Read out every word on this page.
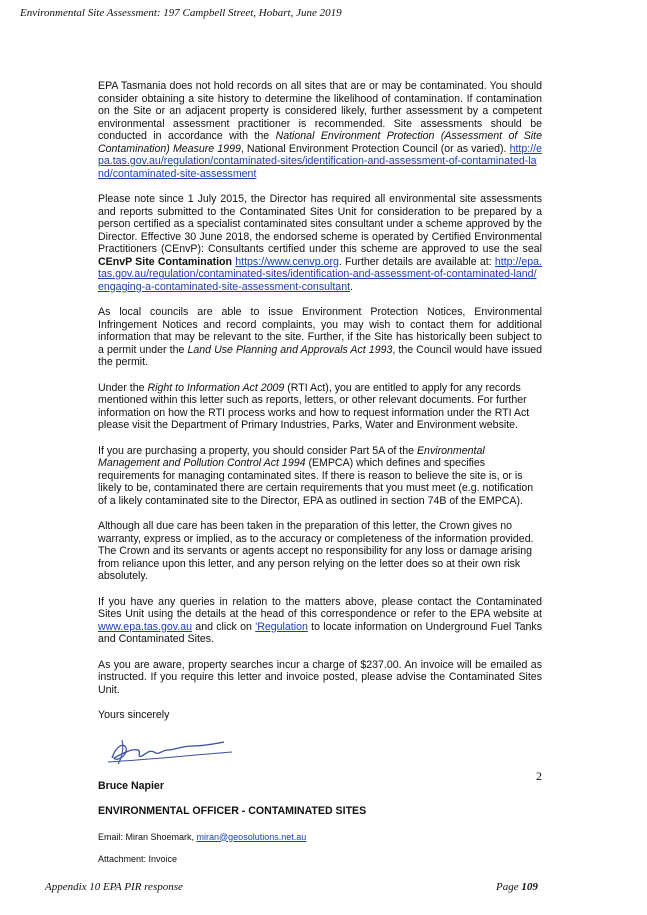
Environmental Site Assessment: 197 Campbell Street, Hobart, June 2019

EPA Tasmania does not hold records on all sites that are or may be contaminated. You should consider obtaining a site history to determine the likelihood of contamination. If contamination on the Site or an adjacent property is considered likely, further assessment by a competent environmental assessment practitioner is recommended. Site assessments should be conducted in accordance with the National Environment Protection (Assessment of Site Contamination) Measure 1999, National Environment Protection Council (or as varied). http://epa.tas.gov.au/regulation/contaminated-sites/identification-and-assessment-of-contaminated-land/contaminated-site-assessment

Please note since 1 July 2015, the Director has required all environmental site assessments and reports submitted to the Contaminated Sites Unit for consideration to be prepared by a person certified as a specialist contaminated sites consultant under a scheme approved by the Director. Effective 30 June 2018, the endorsed scheme is operated by Certified Environmental Practitioners (CEnvP): Consultants certified under this scheme are approved to use the seal CEnvP Site Contamination https://www.cenvp.org. Further details are available at: http://epa.tas.gov.au/regulation/contaminated-sites/identification-and-assessment-of-contaminated-land/engaging-a-contaminated-site-assessment-consultant.

As local councils are able to issue Environment Protection Notices, Environmental Infringement Notices and record complaints, you may wish to contact them for additional information that may be relevant to the site. Further, if the Site has historically been subject to a permit under the Land Use Planning and Approvals Act 1993, the Council would have issued the permit.

Under the Right to Information Act 2009 (RTI Act), you are entitled to apply for any records mentioned within this letter such as reports, letters, or other relevant documents. For further information on how the RTI process works and how to request information under the RTI Act please visit the Department of Primary Industries, Parks, Water and Environment website.

If you are purchasing a property, you should consider Part 5A of the Environmental Management and Pollution Control Act 1994 (EMPCA) which defines and specifies requirements for managing contaminated sites. If there is reason to believe the site is, or is likely to be, contaminated there are certain requirements that you must meet (e.g. notification of a likely contaminated site to the Director, EPA as outlined in section 74B of the EMPCA).

Although all due care has been taken in the preparation of this letter, the Crown gives no warranty, express or implied, as to the accuracy or completeness of the information provided. The Crown and its servants or agents accept no responsibility for any loss or damage arising from reliance upon this letter, and any person relying on the letter does so at their own risk absolutely.

If you have any queries in relation to the matters above, please contact the Contaminated Sites Unit using the details at the head of this correspondence or refer to the EPA website at www.epa.tas.gov.au and click on 'Regulation to locate information on Underground Fuel Tanks and Contaminated Sites.

As you are aware, property searches incur a charge of $237.00. An invoice will be emailed as instructed. If you require this letter and invoice posted, please advise the Contaminated Sites Unit.

Yours sincerely

Bruce Napier

ENVIRONMENTAL OFFICER - CONTAMINATED SITES

Email: Miran Shoemark, miran@geosolutions.net.au

Attachment: Invoice

2
Appendix 10 EPA PIR response	Page 109
